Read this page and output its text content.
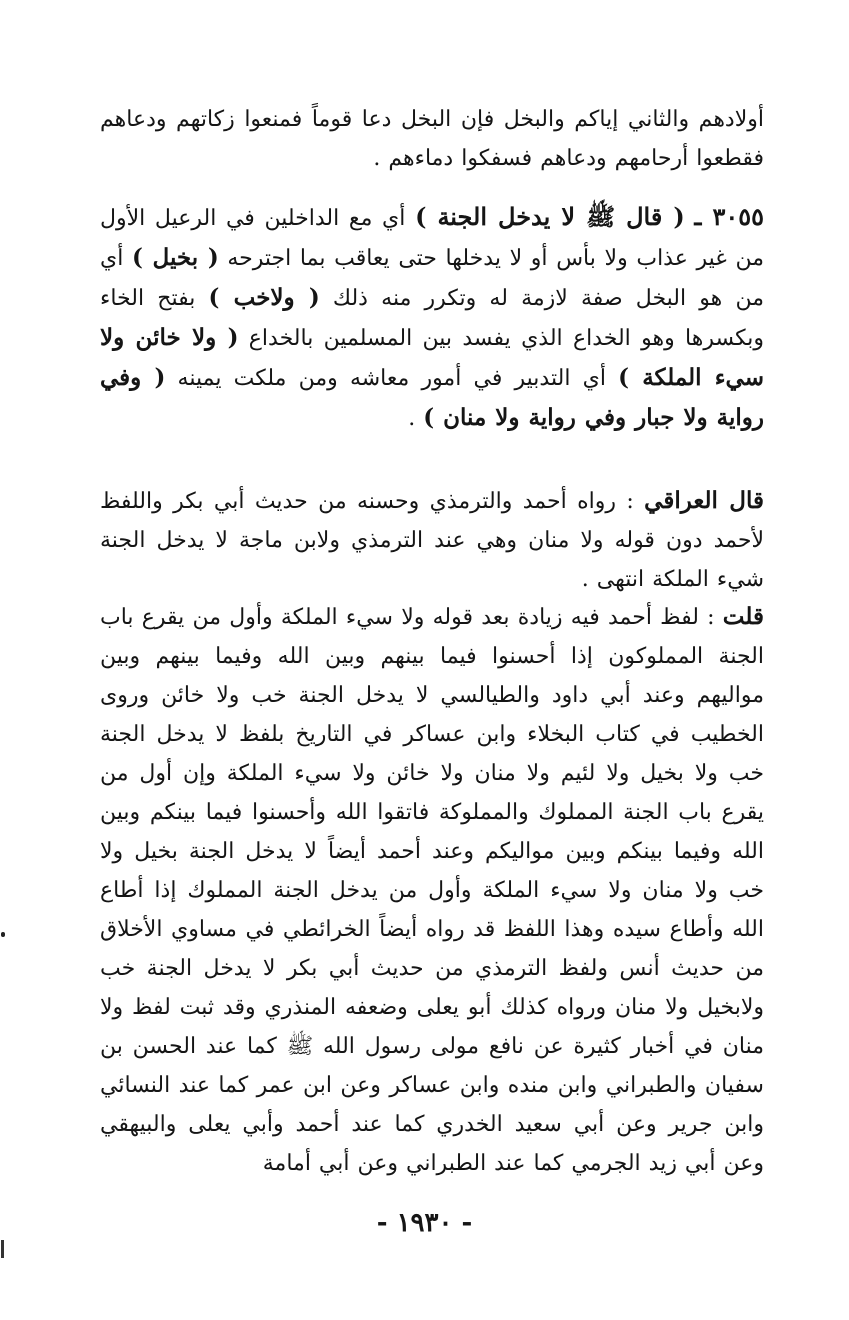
أولادهم والثاني إياكم والبخل فإن البخل دعا قوماً فمنعوا زكاتهم ودعاهم فقطعوا أرحامهم ودعاهم فسفكوا دماءهم .

٣٠٥٥ ـ ( قال ﷺ لا يدخل الجنة ) أي مع الداخلين في الرعيل الأول من غير عذاب ولا بأس أو لا يدخلها حتى يعاقب بما اجترحه ( بخيل ) أي من هو البخل صفة لازمة له وتكرر منه ذلك ( ولاخب ) بفتح الخاء وبكسرها وهو الخداع الذي يفسد بين المسلمين بالخداع ( ولا خائن ولا سيء الملكة ) أي التدبير في أمور معاشه ومن ملكت يمينه ( وفي رواية ولا جبار وفي رواية ولا منان ) .

قال العراقي : رواه أحمد والترمذي وحسنه من حديث أبي بكر واللفظ لأحمد دون قوله ولا منان وهي عند الترمذي ولابن ماجة لا يدخل الجنة شيء الملكة انتهى .

قلت : لفظ أحمد فيه زيادة بعد قوله ولا سيء الملكة وأول من يقرع باب الجنة المملوكون إذا أحسنوا فيما بينهم وبين الله وفيما بينهم وبين مواليهم وعند أبي داود والطيالسي لا يدخل الجنة خب ولا خائن وروى الخطيب في كتاب البخلاء وابن عساكر في التاريخ بلفظ لا يدخل الجنة خب ولا بخيل ولا لئيم ولا منان ولا خائن ولا سيء الملكة وإن أول من يقرع باب الجنة المملوك والمملوكة فاتقوا الله وأحسنوا فيما بينكم وبين الله وفيما بينكم وبين مواليكم وعند أحمد أيضاً لا يدخل الجنة بخيل ولا خب ولا منان ولا سيء الملكة وأول من يدخل الجنة المملوك إذا أطاع الله وأطاع سيده وهذا اللفظ قد رواه أيضاً الخرائطي في مساوي الأخلاق من حديث أنس ولفظ الترمذي من حديث أبي بكر لا يدخل الجنة خب ولابخيل ولا منان ورواه كذلك أبو يعلى وضعفه المنذري وقد ثبت لفظ ولا منان في أخبار كثيرة عن نافع مولى رسول الله ﷺ كما عند الحسن بن سفيان والطبراني وابن منده وابن عساكر وعن ابن عمر كما عند النسائي وابن جرير وعن أبي سعيد الخدري كما عند أحمد وأبي يعلى والبيهقي وعن أبي زيد الجرمي كما عند الطبراني وعن أبي أمامة

- ١٩٣٠ -
